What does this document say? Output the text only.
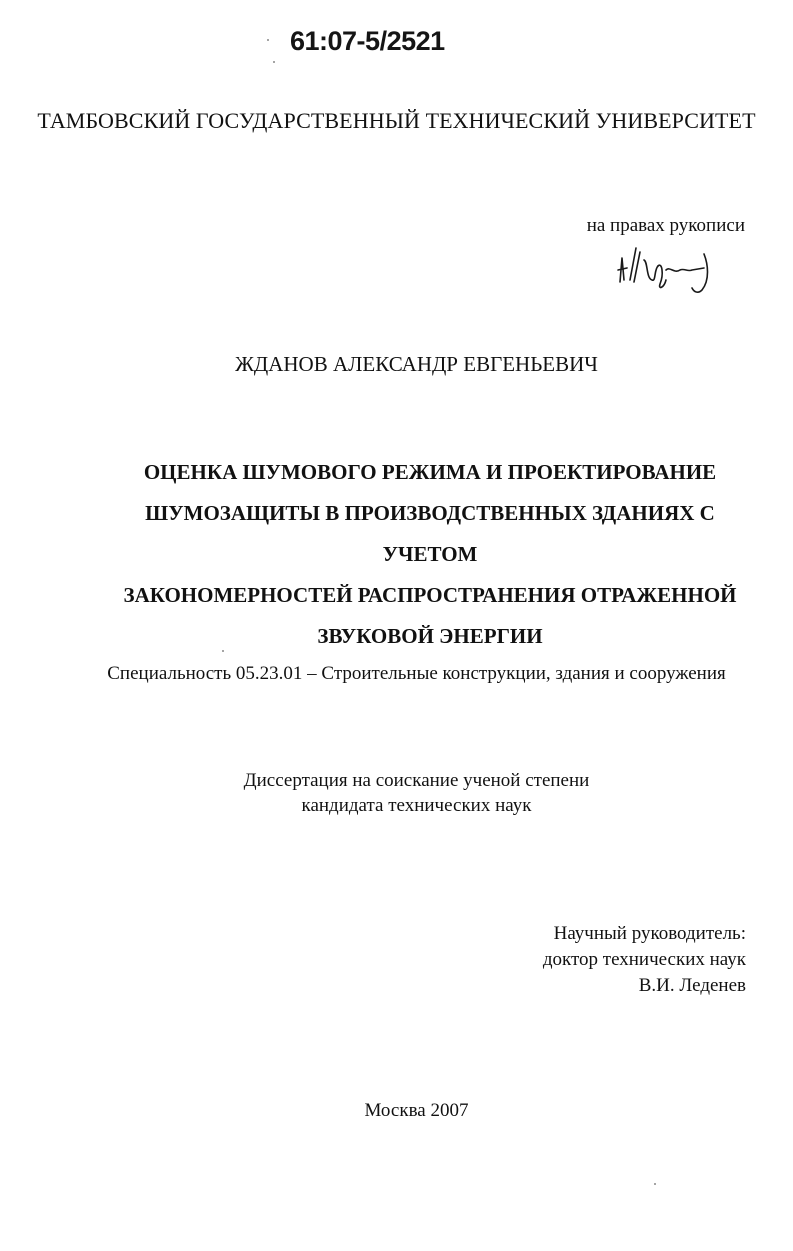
61:07-5/2521
ТАМБОВСКИЙ ГОСУДАРСТВЕННЫЙ ТЕХНИЧЕСКИЙ УНИВЕРСИТЕТ
на правах рукописи
ЖДАНОВ АЛЕКСАНДР ЕВГЕНЬЕВИЧ
ОЦЕНКА ШУМОВОГО РЕЖИМА И ПРОЕКТИРОВАНИЕ
ШУМОЗАЩИТЫ В ПРОИЗВОДСТВЕННЫХ ЗДАНИЯХ С УЧЕТОМ
ЗАКОНОМЕРНОСТЕЙ РАСПРОСТРАНЕНИЯ ОТРАЖЕННОЙ
ЗВУКОВОЙ ЭНЕРГИИ
Специальность 05.23.01 – Строительные конструкции, здания и сооружения
Диссертация на соискание ученой степени
кандидата технических наук
Научный руководитель:
доктор технических наук
В.И. Леденев
Москва 2007
